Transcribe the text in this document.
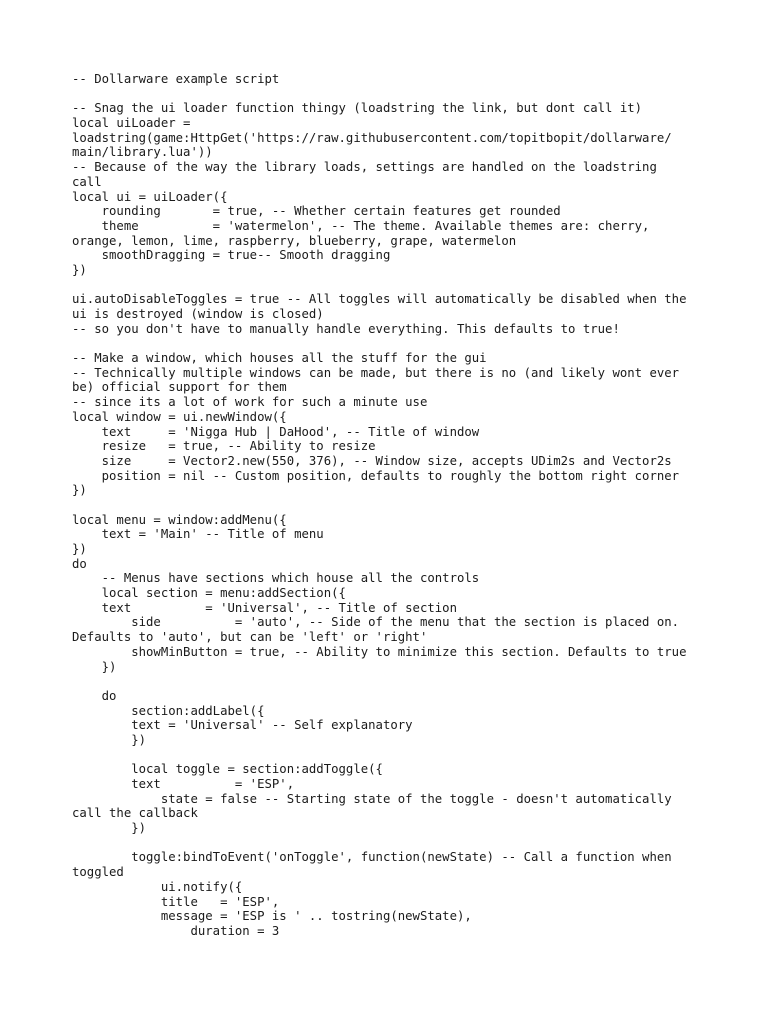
-- Dollarware example script
-- Snag the ui loader function thingy (loadstring the link, but dont call it)
local uiLoader =
loadstring(game:HttpGet('https://raw.githubusercontent.com/topitbopit/dollarware/
main/library.lua'))
-- Because of the way the library loads, settings are handled on the loadstring
call
local ui = uiLoader({
rounding       = true, -- Whether certain features get rounded
theme          = 'watermelon', -- The theme. Available themes are: cherry,
orange, lemon, lime, raspberry, blueberry, grape, watermelon
smoothDragging = true-- Smooth dragging
})
ui.autoDisableToggles = true -- All toggles will automatically be disabled when the
ui is destroyed (window is closed)
-- so you don't have to manually handle everything. This defaults to true!
-- Make a window, which houses all the stuff for the gui
-- Technically multiple windows can be made, but there is no (and likely wont ever
be) official support for them
-- since its a lot of work for such a minute use
local window = ui.newWindow({
text     = 'Nigga Hub | DaHood', -- Title of window
resize   = true, -- Ability to resize
size     = Vector2.new(550, 376), -- Window size, accepts UDim2s and Vector2s
position = nil -- Custom position, defaults to roughly the bottom right corner
})
local menu = window:addMenu({
text = 'Main' -- Title of menu
})
do
-- Menus have sections which house all the controls
local section = menu:addSection({
text          = 'Universal', -- Title of section
side          = 'auto', -- Side of the menu that the section is placed on.
Defaults to 'auto', but can be 'left' or 'right'
showMinButton = true, -- Ability to minimize this section. Defaults to true
})
do
section:addLabel({
text = 'Universal' -- Self explanatory
})
local toggle = section:addToggle({
text          = 'ESP',
state = false -- Starting state of the toggle - doesn't automatically
call the callback
})
toggle:bindToEvent('onToggle', function(newState) -- Call a function when
toggled
ui.notify({
title   = 'ESP',
message = 'ESP is ' .. tostring(newState),
duration = 3
